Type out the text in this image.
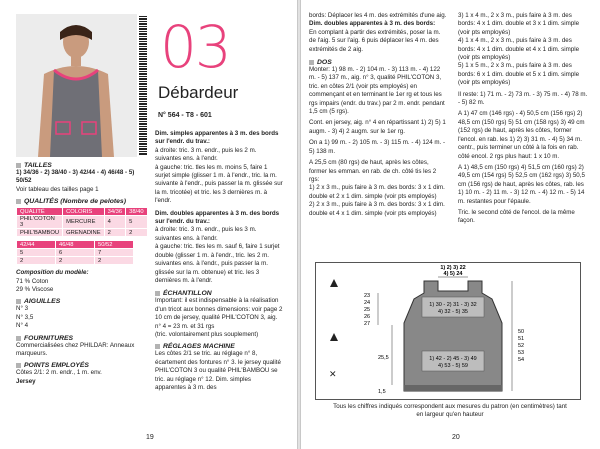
03
Débardeur
N° 564 - T8 - 601
TAILLES
1) 34/36 - 2) 38/40 - 3) 42/44 - 4) 46/48 - 5) 50/52
Voir tableau des tailles page 1
QUALITÉS (Nombre de pelotes)
QUALITÉ	COLORIS	34/36	38/40
PHIL'COTON 3	MERCURE	4	5
PHIL'BAMBOU	GRENADINE	2	2
42/44	46/48	50/52
5	6	7
2	2	2
Composition du modèle:
71 % Coton
29 % Viscose
AIGUILLES
N° 3
N° 3,5
N° 4
FOURNITURES
Commercialisées chez PHILDAR: Anneaux marqueurs.
POINTS EMPLOYÉS
Côtes 2/1: 2 m. endr., 1 m. env.
Jersey
Dim. simples apparentes à 3 m. des bords sur l'endr. du trav.:
à droite: tric. 3 m. endr., puis les 2 m. suivantes ens. à l'endr.
à gauche: tric. tles les m. moins 5, faire 1 surjet simple (glisser 1 m. à l'endr., tric. la m. suivante à l'endr., puis passer la m. glissée sur la m. tricotée) et tric. les 3 dernières m. à l'endr.
Dim. doubles apparentes à 3 m. des bords sur l'endr. du trav.:
à droite: tric. 3 m. endr., puis les 3 m. suivantes ens. à l'endr.
à gauche: tric. tles les m. sauf 6, faire 1 surjet double (glisser 1 m. à l'endr., tric. les 2 m. suivantes ens. à l'endr., puis passer la m. glissée sur la m. obtenue) et tric. les 3 dernières m. à l'endr.
ÉCHANTILLON
Important: il est indispensable à la réalisation d'un tricot aux bonnes dimensions: voir page 2
10 cm de jersey, qualité PHIL'COTON 3, aig. n° 4 = 23 m. et 31 rgs
(tric. volontairement plus souplement)
RÉGLAGES MACHINE
Les côtes 2/1 se tric. au réglage n° 8, écartement des fontures n° 3. le jersey qualité PHIL'COTON 3 ou qualité PHIL'BAMBOU se tric. au réglage n° 12. Dim. simples apparentes à 3 m. des
19
bords: Déplacer les 4 m. des extrémités d'une aig.
Dim. doubles apparentes à 3 m. des bords:
En complant à partir des extrémités, poser la m. de l'aig. 5 sur l'aig. 6 puis déplacer les 4 m. des extrémités de 2 aig.
DOS
Monter: 1) 98 m. - 2) 104 m. - 3) 113 m. - 4) 122 m. - 5) 137 m., aig. n° 3, qualité PHIL'COTON 3, tric. en côtes 2/1 (voir pts employés) en commençant et en terminant le 1er rg et tous les rgs impairs (endr. du trav.) par 2 m. endr. pendant 1,5 cm (5 rgs).
Cont. en jersey, aig. n° 4 en répartissant 1) 2) 5) 1 augm. - 3) 4) 2 augm. sur le 1er rg.
On a 1) 99 m. - 2) 105 m. - 3) 115 m. - 4) 124 m. - 5) 138 m.
A 25,5 cm (80 rgs) de haut, après les côtes, former les emman. en rab. de ch. côté tis les 2 rgs:
1) 2 x 3 m., puis faire à 3 m. des bords: 3 x 1 dim. double et 2 x 1 dim. simple (voir pts employés)
2) 2 x 3 m., puis faire à 3 m. des bords: 3 x 1 dim. double et 4 x 1 dim. simple (voir pts employés)
3) 1 x 4 m., 2 x 3 m., puis faire à 3 m. des bords: 4 x 1 dim. double et 3 x 1 dim. simple (voir pts employés)
4) 1 x 4 m., 2 x 3 m., puis faire à 3 m. des bords: 4 x 1 dim. double et 4 x 1 dim. simple (voir pts employés)
5) 1 x 5 m., 2 x 3 m., puis faire à 3 m. des bords: 6 x 1 dim. double et 5 x 1 dim. simple (voir pts employés)
Il reste: 1) 71 m. - 2) 73 m. - 3) 75 m. - 4) 78 m. - 5) 82 m.
A 1) 47 cm (146 rgs) - 4) 50,5 cm (156 rgs) 2) 48,5 cm (150 rgs) 5) 51 cm (158 rgs) 3) 49 cm (152 rgs) de haut, après les côtes, former l'encol. en rab. les 1) 2) 3) 31 m. - 4) 5) 34 m. centr., puis terminer un côté à la fois en rab. côté encol. 2 rgs plus haut: 1 x 10 m.
A 1) 48,5 cm (150 rgs) 4) 51,5 cm (160 rgs) 2) 49,5 cm (154 rgs) 5) 52,5 cm (162 rgs) 3) 50,5 cm (156 rgs) de haut, après les côtes, rab. les 1) 10 m. - 2) 11 m. - 3) 12 m. - 4) 12 m. - 5) 14 m. restantes pour l'épaule.
Tric. le second côté de l'encol. de la même façon.
✕
1) 2) 3) 22
4) 5) 24
1) 30 - 2) 31 - 3) 32
4) 32 - 5) 35
1) 42 - 2) 45 - 3) 49
4) 53 - 5) 59
23
24
25
26
27
25,5
1,5
50
51
52
53
54
Tous les chiffres indiqués correspondent aux mesures du patron (en centimètres) tant en largeur qu'en hauteur
20
